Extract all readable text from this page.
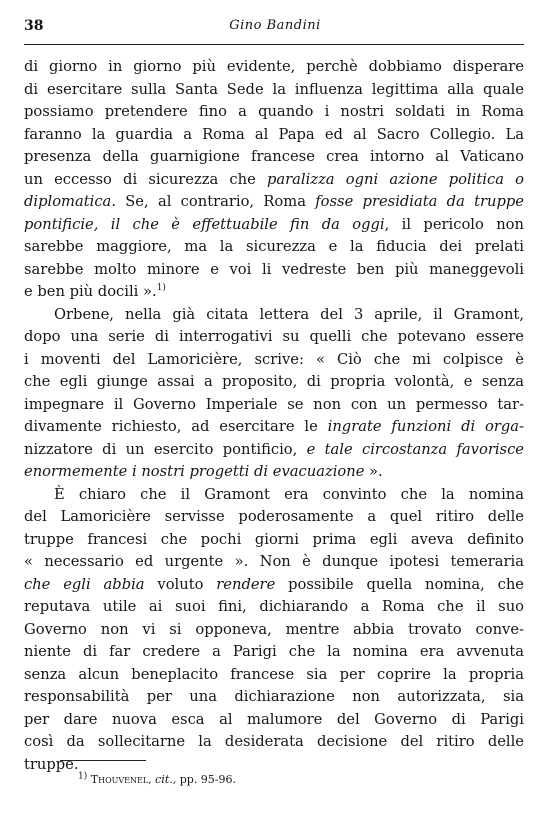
38	Gino Bandini
di giorno in giorno più evidente, perchè dobbiamo disperare
di esercitare sulla Santa Sede la influenza legittima alla quale
possiamo pretendere fino a quando i nostri soldati in Roma
faranno la guardia a Roma al Papa ed al Sacro Collegio. La
presenza della guarnigione francese crea intorno al Vaticano
un eccesso di sicurezza che paralizza ogni azione politica o
diplomatica. Se, al contrario, Roma fosse presidiata da truppe
pontificie, il che è effettuabile fin da oggi, il pericolo non
sarebbe maggiore, ma la sicurezza e la fiducia dei prelati
sarebbe molto minore e voi li vedreste ben più maneggevoli
e ben più docili ».$^{1)}$
Orbene, nella già citata lettera del 3 aprile, il Gramont,
dopo una serie di interrogativi su quelli che potevano essere
i moventi del Lamoricière, scrive: « Ciò che mi colpisce è
che egli giunge assai a proposito, di propria volontà, e senza
impegnare il Governo Imperiale se non con un permesso tar-
divamente richiesto, ad esercitare le ingrate funzioni di orga-
nizzatore di un esercito pontificio, e tale circostanza favorisce
enormemente i nostri progetti di evacuazione ».
È chiaro che il Gramont era convinto che la nomina
del Lamoricière servisse poderosamente a quel ritiro delle
truppe francesi che pochi giorni prima egli aveva definito
« necessario ed urgente ». Non è dunque ipotesi temeraria
che egli abbia voluto rendere possibile quella nomina, che
reputava utile ai suoi fini, dichiarando a Roma che il suo
Governo non vi si opponeva, mentre abbia trovato conve-
niente di far credere a Parigi che la nomina era avvenuta
senza alcun beneplacito francese sia per coprire la propria
responsabilità per una dichiarazione non autorizzata, sia
per dare nuova esca al malumore del Governo di Parigi
così da sollecitarne la desiderata decisione del ritiro delle
truppe.
$^{1)}$ Thouvenel, cit., pp. 95-96.
